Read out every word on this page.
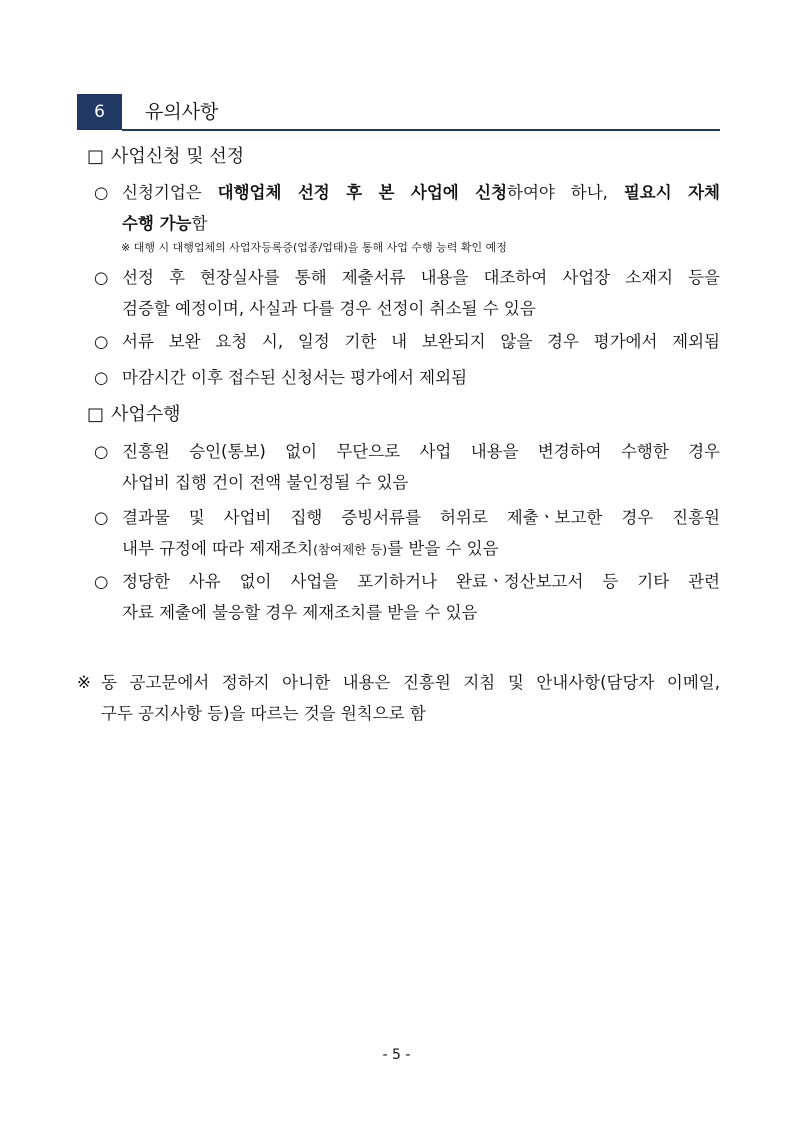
6	유의사항
□ 사업신청 및 선정
○ 신청기업은 대행업체 선정 후 본 사업에 신청하여야 하나, 필요시 자체
수행 가능함
※ 대행 시 대행업체의 사업자등록증(업종/업태)을 통해 사업 수행 능력 확인 예정
○ 선정 후 현장실사를 통해 제출서류 내용을 대조하여 사업장 소재지 등을
검증할 예정이며, 사실과 다를 경우 선정이 취소될 수 있음
○ 서류 보완 요청 시, 일정 기한 내 보완되지 않을 경우 평가에서 제외됨
○ 마감시간 이후 접수된 신청서는 평가에서 제외됨
□ 사업수행
○ 진흥원 승인(통보) 없이 무단으로 사업 내용을 변경하여 수행한 경우
사업비 집행 건이 전액 불인정될 수 있음
○ 결과물 및 사업비 집행 증빙서류를 허위로 제출ㆍ보고한 경우 진흥원
내부 규정에 따라 제재조치(참여제한 등)를 받을 수 있음
○ 정당한 사유 없이 사업을 포기하거나 완료ㆍ정산보고서 등 기타 관련
자료 제출에 불응할 경우 제재조치를 받을 수 있음
※ 동 공고문에서 정하지 아니한 내용은 진흥원 지침 및 안내사항(담당자 이메일,
구두 공지사항 등)을 따르는 것을 원칙으로 함
- 5 -
